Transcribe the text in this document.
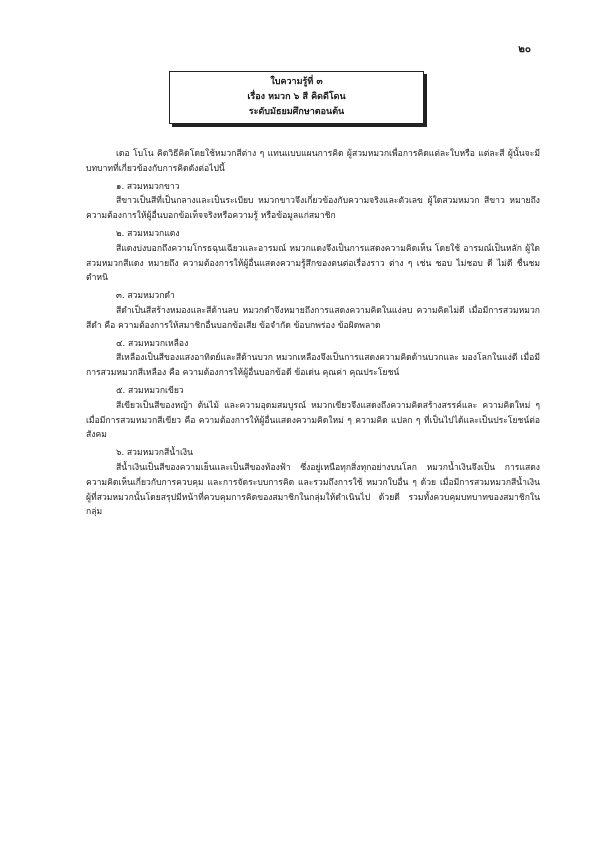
๒๐
ใบความรู้ที่ ๓
เรื่อง หมวก ๖ สี คิดดีโดน
ระดับมัธยมศึกษาตอนต้น

เดอ โบโน คิดวิธีคิดโดยใช้หมวกสีต่าง ๆ แทนแบบแผนการคิด ผู้สวมหมวกเพื่อการคิดแต่ละใบหรือ แต่ละสี ผู้นั้นจะมีบทบาทที่เกี่ยวข้องกับการคิดดังต่อไปนี้

๑. สวมหมวกขาว

สีขาวเป็นสีที่เป็นกลางและเป็นระเบียบ หมวกขาวจึงเกี่ยวข้องกับความจริงและตัวเลข ผู้ใดสวมหมวก สีขาว หมายถึง ความต้องการให้ผู้อื่นบอกข้อเท็จจริงหรือความรู้ หรือข้อมูลแก่สมาชิก

๒. สวมหมวกแดง

สีแดงบ่งบอกถึงความโกรธฉุนเฉียวและอารมณ์ หมวกแดงจึงเป็นการแสดงความคิดเห็น โดยใช้ อารมณ์เป็นหลัก ผู้ใดสวมหมวกสีแดง หมายถึง ความต้องการให้ผู้อื่นแสดงความรู้สึกของตนต่อเรื่องราว ต่าง ๆ เช่น ชอบ ไม่ชอบ ดี ไม่ดี ชื่นชม ตำหนิ

๓. สวมหมวกดำ

สีดำเป็นสีสร้างหมองและสีด้านลบ หมวกดำจึงหมายถึงการแสดงความคิดในแง่ลบ ความคิดไม่ดี เมื่อมีการสวมหมวกสีดำ คือ ความต้องการให้สมาชิกอื่นบอกข้อเสีย ข้อจำกัด ข้อบกพร่อง ข้อผิดพลาด

๔. สวมหมวกเหลือง

สีเหลืองเป็นสีของแสงอาทิตย์และสีด้านบวก หมวกเหลืองจึงเป็นการแสดงความคิดด้านบวกและ มองโลกในแง่ดี เมื่อมีการสวมหมวกสีเหลือง คือ ความต้องการให้ผู้อื่นบอกข้อดี ข้อเด่น คุณค่า คุณประโยชน์

๕. สวมหมวกเขียว

สีเขียวเป็นสีของหญ้า ต้นไม้ และความอุดมสมบูรณ์ หมวกเขียวจึงแสดงถึงความคิดสร้างสรรค์และ ความคิดใหม่ ๆ เมื่อมีการสวมหมวกสีเขียว คือ ความต้องการให้ผู้อื่นแสดงความคิดใหม่ ๆ ความคิด แปลก ๆ ที่เป็นไปได้และเป็นประโยชน์ต่อสังคม

๖. สวมหมวกสีน้ำเงิน

สีน้ำเงินเป็นสีของความเย็นและเป็นสีของท้องฟ้า ซึ่งอยู่เหนือทุกสิ่งทุกอย่างบนโลก หมวกน้ำเงินจึงเป็น การแสดงความคิดเห็นเกี่ยวกับการควบคุม และการจัดระบบการคิด และรวมถึงการใช้ หมวกใบอื่น ๆ ด้วย เมื่อมีการสวมหมวกสีน้ำเงิน ผู้ที่สวมหมวกนั้นโดยสรุปมีหน้าที่ควบคุมการคิดของสมาชิกในกลุ่มให้ดำเนินไป ด้วยดี รวมทั้งควบคุมบทบาทของสมาชิกในกลุ่ม
